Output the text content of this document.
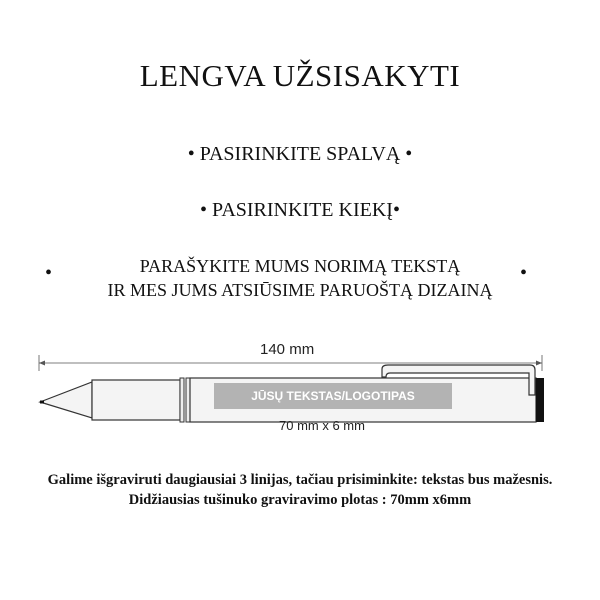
LENGVA UŽSISAKYTI
• PASIRINKITE SPALVĄ •
• PASIRINKITE KIEKĮ•
•	PARAŠYKITE MUMS NORIMĄ TEKSTĄ
IR MES JUMS ATSIŪSIME PARUOŠTĄ DIZAINĄ
•
140 mm
JŪSŲ TEKSTAS/LOGOTIPAS
70 mm x 6 mm
Galime išgraviruti daugiausiai 3 linijas, tačiau prisiminkite: tekstas bus mažesnis.
Didžiausias tušinuko graviravimo plotas : 70mm x6mm
